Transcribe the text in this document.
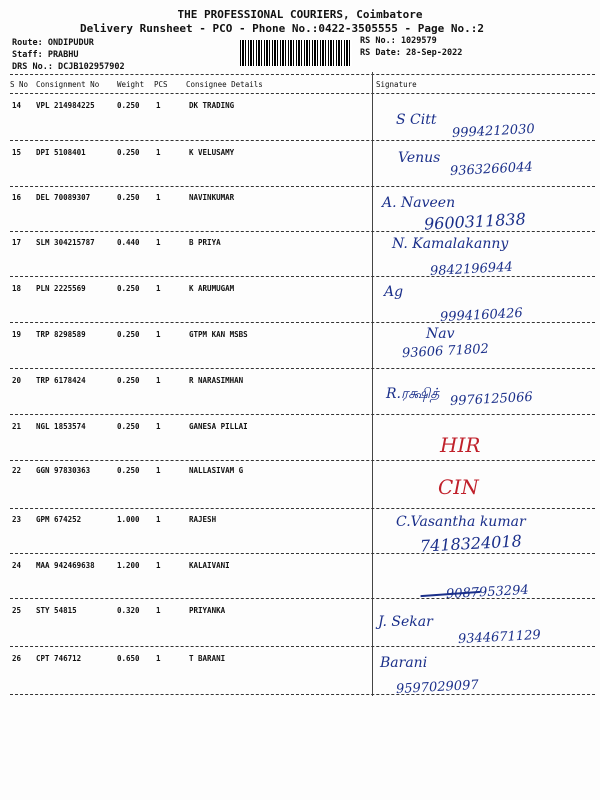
THE PROFESSIONAL COURIERS, Coimbatore
Delivery Runsheet - PCO - Phone No.:0422-3505555 - Page No.:2
Route: ONDIPUDUR
Staff: PRABHU
DRS No.: DCJB102957902
RS No.: 1029579
RS Date: 28-Sep-2022
S No Consignment No Weight PCS Consignee Details	Signature
14 VPL 214984225	0.250 1	DK TRADING
S Citt
9994212030
15 DPI 5108401	0.250 1	K VELUSAMY	Venus
9363266044
16 DEL 70089307	0.250 1	NAVINKUMAR	A. Naveen
9600311838
17 SLM 304215787	0.440 1	B PRIYA	N. Kamalakanny
9842196944
18 PLN 2225569	0.250 1	K ARUMUGAM	Ag
9994160426
19 TRP 8298589	0.250 1	GTPM KAN MSBS	Nav
93606 71802
20 TRP 6178424	0.250 1	R NARASIMHAN
R.ரக்ஷித் 9976125066
21 NGL 1853574	0.250 1	GANESA PILLAI
HIR
22 GGN 97830363	0.250 1	NALLASIVAM G
CIN
23 GPM 674252	1.000 1	RAJESH	C.Vasantha kumar
7418324018
24 MAA 942469638	1.200 1	KALAIVANI
9087953294
25 STY 54815	0.320 1	PRIYANKA
J. Sekar
9344671129
26 CPT 746712	0.650 1	T BARANI	Barani
9597029097
